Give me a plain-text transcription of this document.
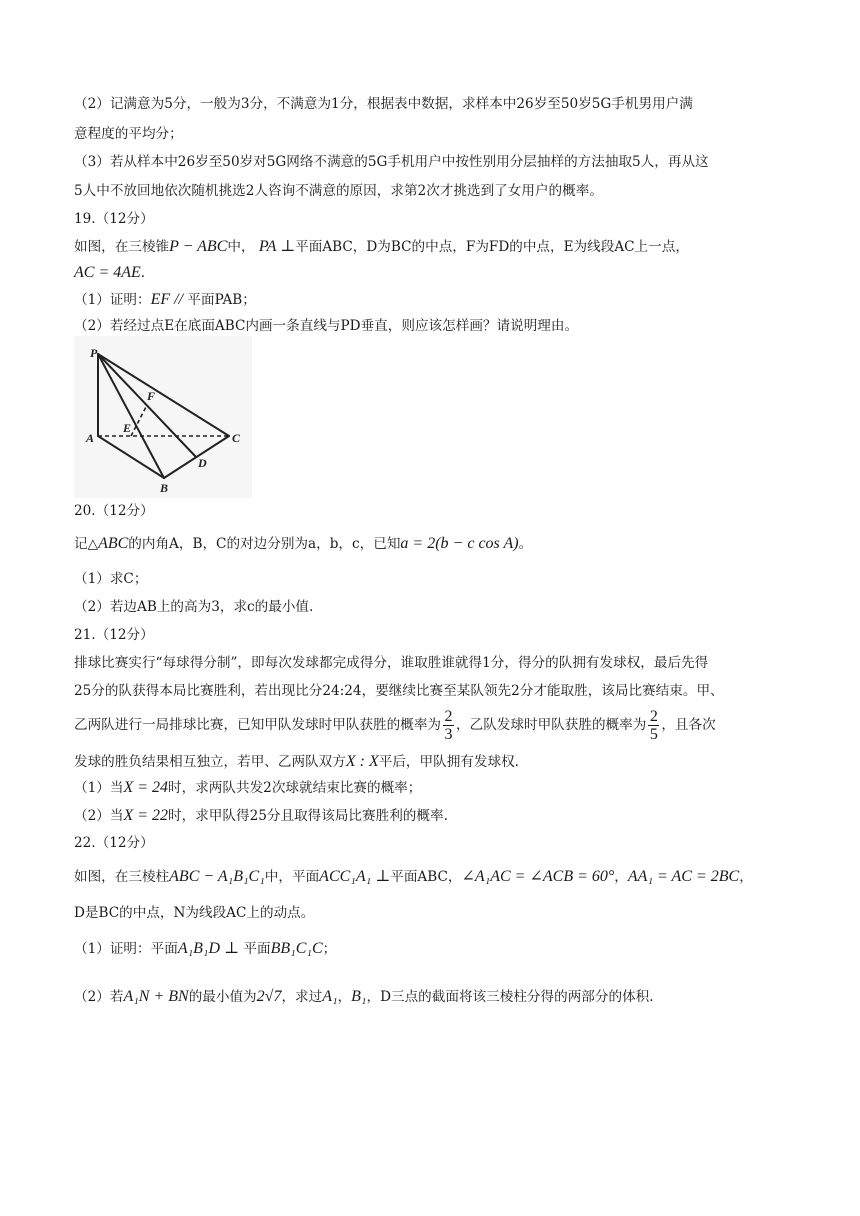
（2）记满意为5分，一般为3分，不满意为1分，根据表中数据，求样本中26岁至50岁5G手机男用户满
意程度的平均分；
（3）若从样本中26岁至50岁对5G网络不满意的5G手机用户中按性别用分层抽样的方法抽取5人，再从这
5人中不放回地依次随机挑选2人咨询不满意的原因，求第2次才挑选到了女用户的概率。
19.（12分）
如图，在三棱锥P − ABC中， PA ⊥平面ABC，D为BC的中点，F为FD的中点，E为线段AC上一点，
AC = 4AE.
（1）证明：EF // 平面PAB；
（2）若经过点E在底面ABC内画一条直线与PD垂直，则应该怎样画？请说明理由。
P
A
B
C
D
E
F
20.（12分）
记△ABC的内角A，B，C的对边分别为a，b，c，已知a = 2(b − c cos A)。
（1）求C；
（2）若边AB上的高为3，求c的最小值.
21.（12分）
排球比赛实行“每球得分制”，即每次发球都完成得分，谁取胜谁就得1分，得分的队拥有发球权，最后先得
25分的队获得本局比赛胜利，若出现比分24:24，要继续比赛至某队领先2分才能取胜，该局比赛结束。甲、
乙两队进行一局排球比赛，已知甲队发球时甲队获胜的概率为 $\frac{2}{3}$ ，乙队发球时甲队获胜的概率为 $\frac{2}{5}$ ，且各次
发球的胜负结果相互独立，若甲、乙两队双方X : X平后，甲队拥有发球权.
（1）当X = 24时，求两队共发2次球就结束比赛的概率；
（2）当X = 22时，求甲队得25分且取得该局比赛胜利的概率.
22.（12分）
如图，在三棱柱ABC − A₁B₁C₁中，平面ACC₁A₁ ⊥平面ABC，∠A₁AC = ∠ACB = 60°，AA₁ = AC = 2BC，
D是BC的中点，N为线段AC上的动点。
（1）证明：平面A₁B₁D ⊥ 平面BB₁C₁C；
（2）若A₁N + BN的最小值为2√7，求过A₁，B₁，D三点的截面将该三棱柱分得的两部分的体积.
